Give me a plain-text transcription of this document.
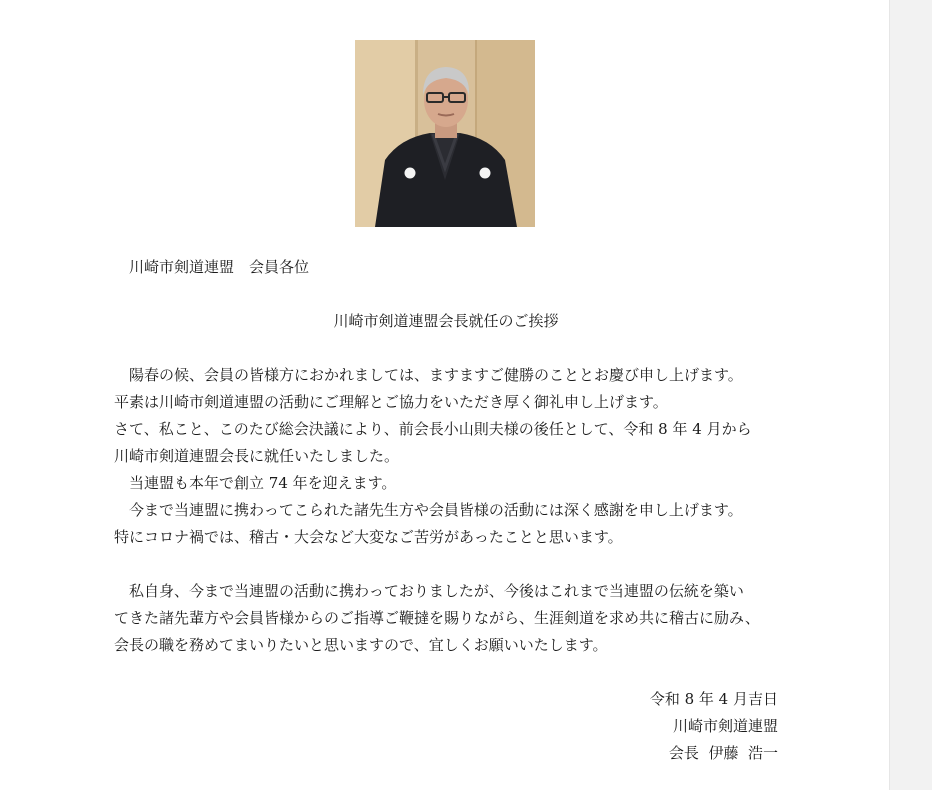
　川崎市剣道連盟　会員各位
川崎市剣道連盟会長就任のご挨拶
　陽春の候、会員の皆様方におかれましては、ますますご健勝のこととお慶び申し上げます。
平素は川崎市剣道連盟の活動にご理解とご協力をいただき厚く御礼申し上げます。
さて、私こと、このたび総会決議により、前会長小山則夫様の後任として、令和 8 年 4 月から
川崎市剣道連盟会長に就任いたしました。
　当連盟も本年で創立 74 年を迎えます。
　今まで当連盟に携わってこられた諸先生方や会員皆様の活動には深く感謝を申し上げます。
特にコロナ禍では、稽古・大会など大変なご苦労があったことと思います。
　私自身、今まで当連盟の活動に携わっておりましたが、今後はこれまで当連盟の伝統を築い
てきた諸先輩方や会員皆様からのご指導ご鞭撻を賜りながら、生涯剣道を求め共に稽古に励み、
会長の職を務めてまいりたいと思いますので、宜しくお願いいたします。
令和 8 年 4 月吉日
川崎市剣道連盟
会長  伊藤  浩一
